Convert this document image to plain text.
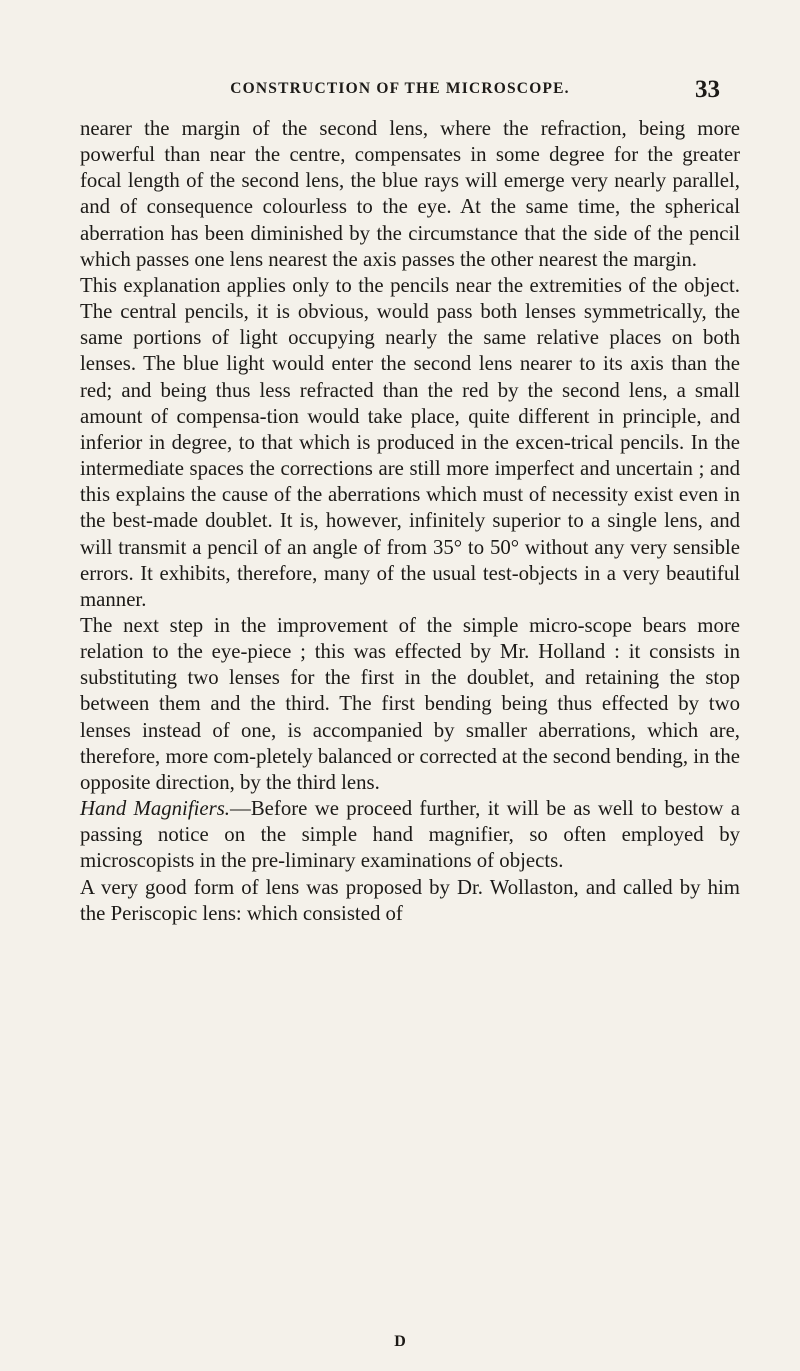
CONSTRUCTION OF THE MICROSCOPE.	33

nearer the margin of the second lens, where the refraction, being more powerful than near the centre, compensates in some degree for the greater focal length of the second lens, the blue rays will emerge very nearly parallel, and of consequence colourless to the eye. At the same time, the spherical aberration has been diminished by the circumstance that the side of the pencil which passes one lens nearest the axis passes the other nearest the margin.

This explanation applies only to the pencils near the extremities of the object. The central pencils, it is obvious, would pass both lenses symmetrically, the same portions of light occupying nearly the same relative places on both lenses. The blue light would enter the second lens nearer to its axis than the red; and being thus less refracted than the red by the second lens, a small amount of compensa-tion would take place, quite different in principle, and inferior in degree, to that which is produced in the excen-trical pencils. In the intermediate spaces the corrections are still more imperfect and uncertain ; and this explains the cause of the aberrations which must of necessity exist even in the best-made doublet. It is, however, infinitely superior to a single lens, and will transmit a pencil of an angle of from 35° to 50° without any very sensible errors. It exhibits, therefore, many of the usual test-objects in a very beautiful manner.

The next step in the improvement of the simple micro-scope bears more relation to the eye-piece ; this was effected by Mr. Holland : it consists in substituting two lenses for the first in the doublet, and retaining the stop between them and the third. The first bending being thus effected by two lenses instead of one, is accompanied by smaller aberrations, which are, therefore, more com-pletely balanced or corrected at the second bending, in the opposite direction, by the third lens.

Hand Magnifiers.—Before we proceed further, it will be as well to bestow a passing notice on the simple hand magnifier, so often employed by microscopists in the pre-liminary examinations of objects.

A very good form of lens was proposed by Dr. Wollaston, and called by him the Periscopic lens: which consisted of

D
